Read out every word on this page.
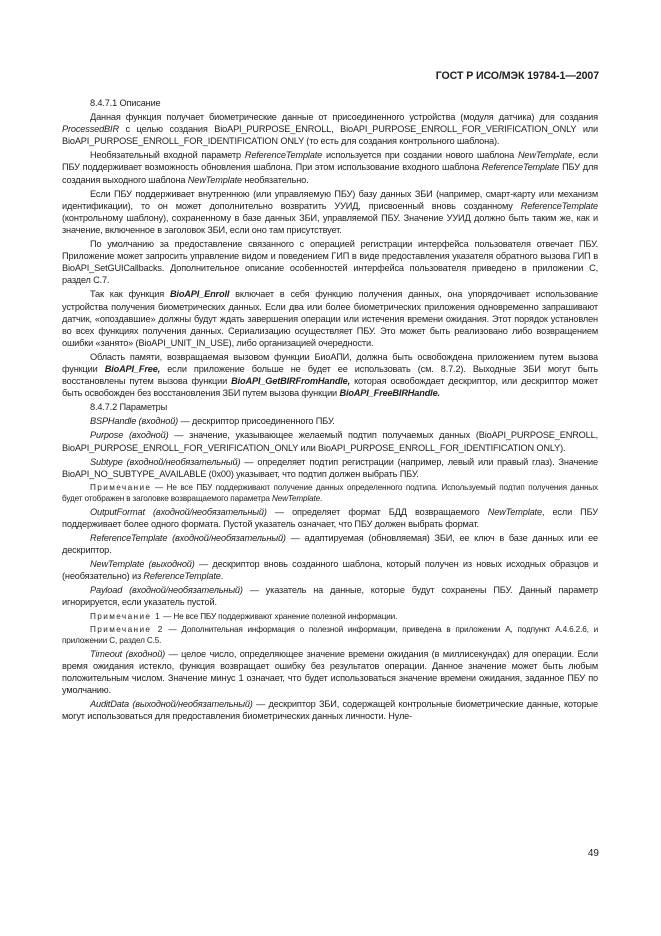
ГОСТ Р ИСО/МЭК 19784-1—2007
8.4.7.1 Описание
Данная функция получает биометрические данные от присоединенного устройства (модуля датчика) для создания ProcessedBIR с целью создания BioAPI_PURPOSE_ENROLL, BioAPI_PURPOSE_ENROLL_FOR_VERIFICATION_ONLY или BioAPI_PURPOSE_ENROLL_FOR_IDENTIFICATION ONLY (то есть для создания контрольного шаблона).
Необязательный входной параметр ReferenceTemplate используется при создании нового шаблона NewTemplate, если ПБУ поддерживает возможность обновления шаблона. При этом использование входного шаблона ReferenceTemplate ПБУ для создания выходного шаблона NewTemplate необязательно.
Если ПБУ поддерживает внутреннюю (или управляемую ПБУ) базу данных ЗБИ (например, смарт-карту или механизм идентификации), то он может дополнительно возвратить УУИД, присвоенный вновь созданному ReferenceTemplate (контрольному шаблону), сохраненному в базе данных ЗБИ, управляемой ПБУ. Значение УУИД должно быть таким же, как и значение, включенное в заголовок ЗБИ, если оно там присутствует.
По умолчанию за предоставление связанного с операцией регистрации интерфейса пользователя отвечает ПБУ. Приложение может запросить управление видом и поведением ГИП в виде предоставления указателя обратного вызова ГИП в BioAPI_SetGUICallbacks. Дополнительное описание особенностей интерфейса пользователя приведено в приложении С, раздел С.7.
Так как функция BioAPI_Enroll включает в себя функцию получения данных, она упорядочивает использование устройства получения биометрических данных. Если два или более биометрических приложения одновременно запрашивают датчик, «опоздавшие» должны будут ждать завершения операции или истечения времени ожидания. Этот порядок установлен во всех функциях получения данных. Сериализацию осуществляет ПБУ. Это может быть реализовано либо возвращением ошибки «занято» (BioAPI_UNIT_IN_USE), либо организацией очередности.
Область памяти, возвращаемая вызовом функции БиоАПИ, должна быть освобождена приложением путем вызова функции BioAPI_Free, если приложение больше не будет ее использовать (см. 8.7.2). Выходные ЗБИ могут быть восстановлены путем вызова функции BioAPI_GetBIRFromHandle, которая освобождает дескриптор, или дескриптор может быть освобожден без восстановления ЗБИ путем вызова функции BioAPI_FreeBIRHandle.
8.4.7.2 Параметры
BSPHandle (входной) — дескриптор присоединенного ПБУ.
Purpose (входной) — значение, указывающее желаемый подтип получаемых данных (BioAPI_PURPOSE_ENROLL, BioAPI_PURPOSE_ENROLL_FOR_VERIFICATION_ONLY или BioAPI_PURPOSE_ENROLL_FOR_IDENTIFICATION ONLY).
Subtype (входной/необязательный) — определяет подтип регистрации (например, левый или правый глаз). Значение BioAPI_NO_SUBTYPE_AVAILABLE (0x00) указывает, что подтип должен выбрать ПБУ.
Примечание — Не все ПБУ поддерживают получение данных определенного подтипа. Используемый подтип получения данных будет отображен в заголовке возвращаемого параметра NewTemplate.
OutputFormat (входной/необязательный) — определяет формат БДД возвращаемого NewTemplate, если ПБУ поддерживает более одного формата. Пустой указатель означает, что ПБУ должен выбрать формат.
ReferenceTemplate (входной/необязательный) — адаптируемая (обновляемая) ЗБИ, ее ключ в базе данных или ее дескриптор.
NewTemplate (выходной) — дескриптор вновь созданного шаблона, который получен из новых исходных образцов и (необязательно) из ReferenceTemplate.
Payload (входной/необязательный) — указатель на данные, которые будут сохранены ПБУ. Данный параметр игнорируется, если указатель пустой.
Примечание 1 — Не все ПБУ поддерживают хранение полезной информации.
Примечание 2 — Дополнительная информация о полезной информации, приведена в приложении А, подпункт А.4.6.2.6, и приложении С, раздел С.5.
Timeout (входной) — целое число, определяющее значение времени ожидания (в миллисекундах) для операции. Если время ожидания истекло, функция возвращает ошибку без результатов операции. Данное значение может быть любым положительным числом. Значение минус 1 означает, что будет использоваться значение времени ожидания, заданное ПБУ по умолчанию.
AuditData (выходной/необязательный) — дескриптор ЗБИ, содержащей контрольные биометрические данные, которые могут использоваться для предоставления биометрических данных личности. Нуле-
49
